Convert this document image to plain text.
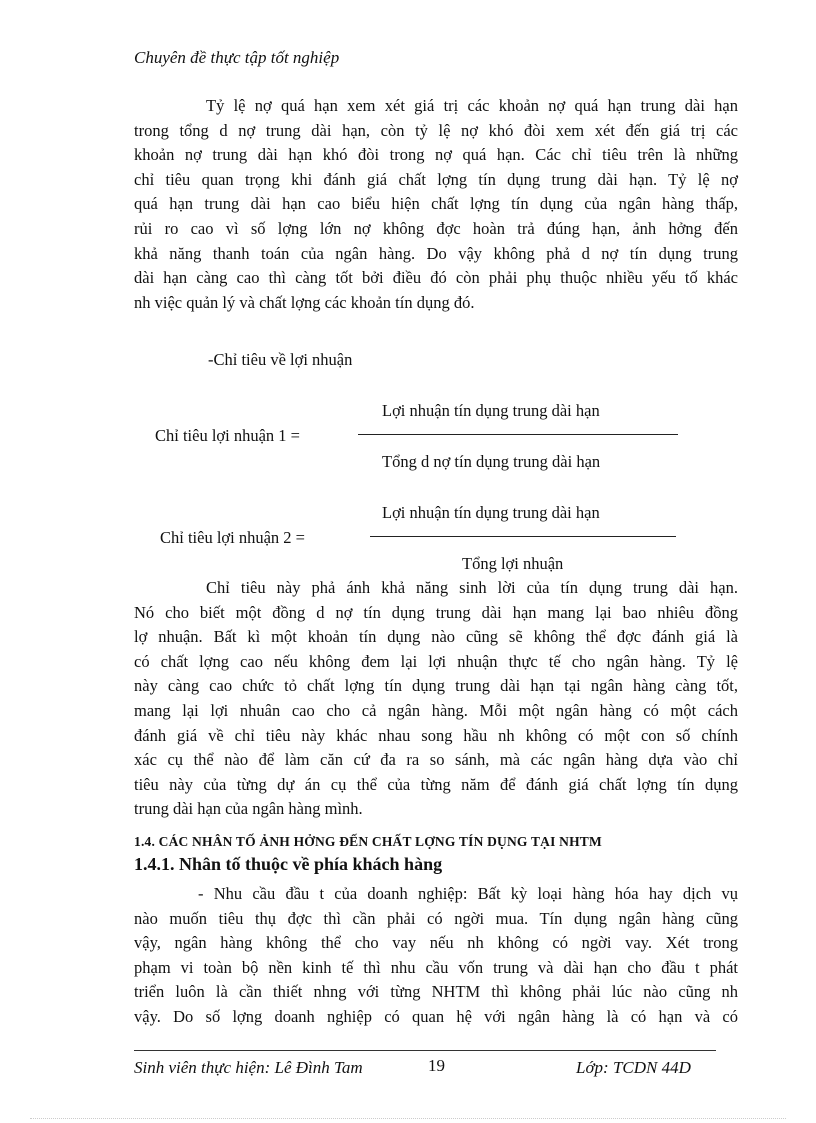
Chuyên đề thực tập tốt nghiệp
Tỷ lệ nợ quá hạn xem xét giá trị các khoản nợ quá hạn trung dài hạn
trong tổng d nợ trung dài hạn, còn tỷ lệ nợ khó đòi xem xét đến giá trị các
khoản nợ trung dài hạn khó đòi trong nợ quá hạn. Các chỉ tiêu trên là những
chỉ tiêu quan trọng khi đánh giá chất lợng tín dụng trung dài hạn. Tỷ lệ nợ
quá hạn trung dài hạn cao biểu hiện chất lợng tín dụng của ngân hàng thấp,
rủi ro cao vì số lợng lớn nợ không đợc hoàn trả đúng hạn, ảnh hởng đến
khả năng thanh toán của ngân hàng. Do vậy không phả d nợ tín dụng trung
dài hạn càng cao thì càng tốt bởi điều đó còn phải phụ thuộc nhiều yếu tố khác
nh việc quản lý và chất lợng các khoản tín dụng đó.
-Chỉ tiêu về lợi nhuận
Lợi nhuận tín dụng trung dài hạn
Chỉ tiêu lợi nhuận 1 =
Tổng d nợ tín dụng trung dài hạn
Lợi nhuận tín dụng trung dài hạn
Chỉ tiêu lợi nhuận 2 =
Tổng lợi nhuận
Chỉ tiêu này phả ánh khả năng sinh lời của tín dụng trung dài hạn.
Nó cho biết một đồng d nợ tín dụng trung dài hạn mang lại bao nhiêu đồng
lợ nhuận. Bất kì một khoản tín dụng nào cũng sẽ không thể đợc đánh giá là
có chất lợng cao nếu không đem lại lợi nhuận thực tế cho ngân hàng. Tỷ lệ
này càng cao chức tỏ chất lợng tín dụng trung dài hạn tại ngân hàng càng tốt,
mang lại lợi nhuân cao cho cả ngân hàng. Mỗi một ngân hàng có một cách
đánh giá về chỉ tiêu này khác nhau song hầu nh không có một con số chính
xác cụ thể nào để làm căn cứ đa ra so sánh, mà các ngân hàng dựa vào chỉ
tiêu này của từng dự án cụ thể của từng năm để đánh giá chất lợng tín dụng
trung dài hạn của ngân hàng mình.
1.4. CÁC NHÂN TỐ ẢNH HỞNG ĐẾN CHẤT LỢNG TÍN DỤNG TẠI NHTM
1.4.1. Nhân tố thuộc về phía khách hàng
- Nhu cầu đầu t của doanh nghiệp: Bất kỳ loại hàng hóa hay dịch vụ
nào muốn tiêu thụ đợc thì cần phải có ngời mua. Tín dụng ngân hàng cũng
vậy, ngân hàng không thể cho vay nếu nh không có ngời vay. Xét trong
phạm vi toàn bộ nền kinh tế thì nhu cầu vốn trung và dài hạn cho đầu t phát
triển luôn là cần thiết nhng với từng NHTM thì không phải lúc nào cũng nh
vậy. Do số lợng doanh nghiệp có quan hệ với ngân hàng là có hạn và có
Sinh viên thực hiện: Lê Đình Tam	19	Lớp: TCDN 44D
